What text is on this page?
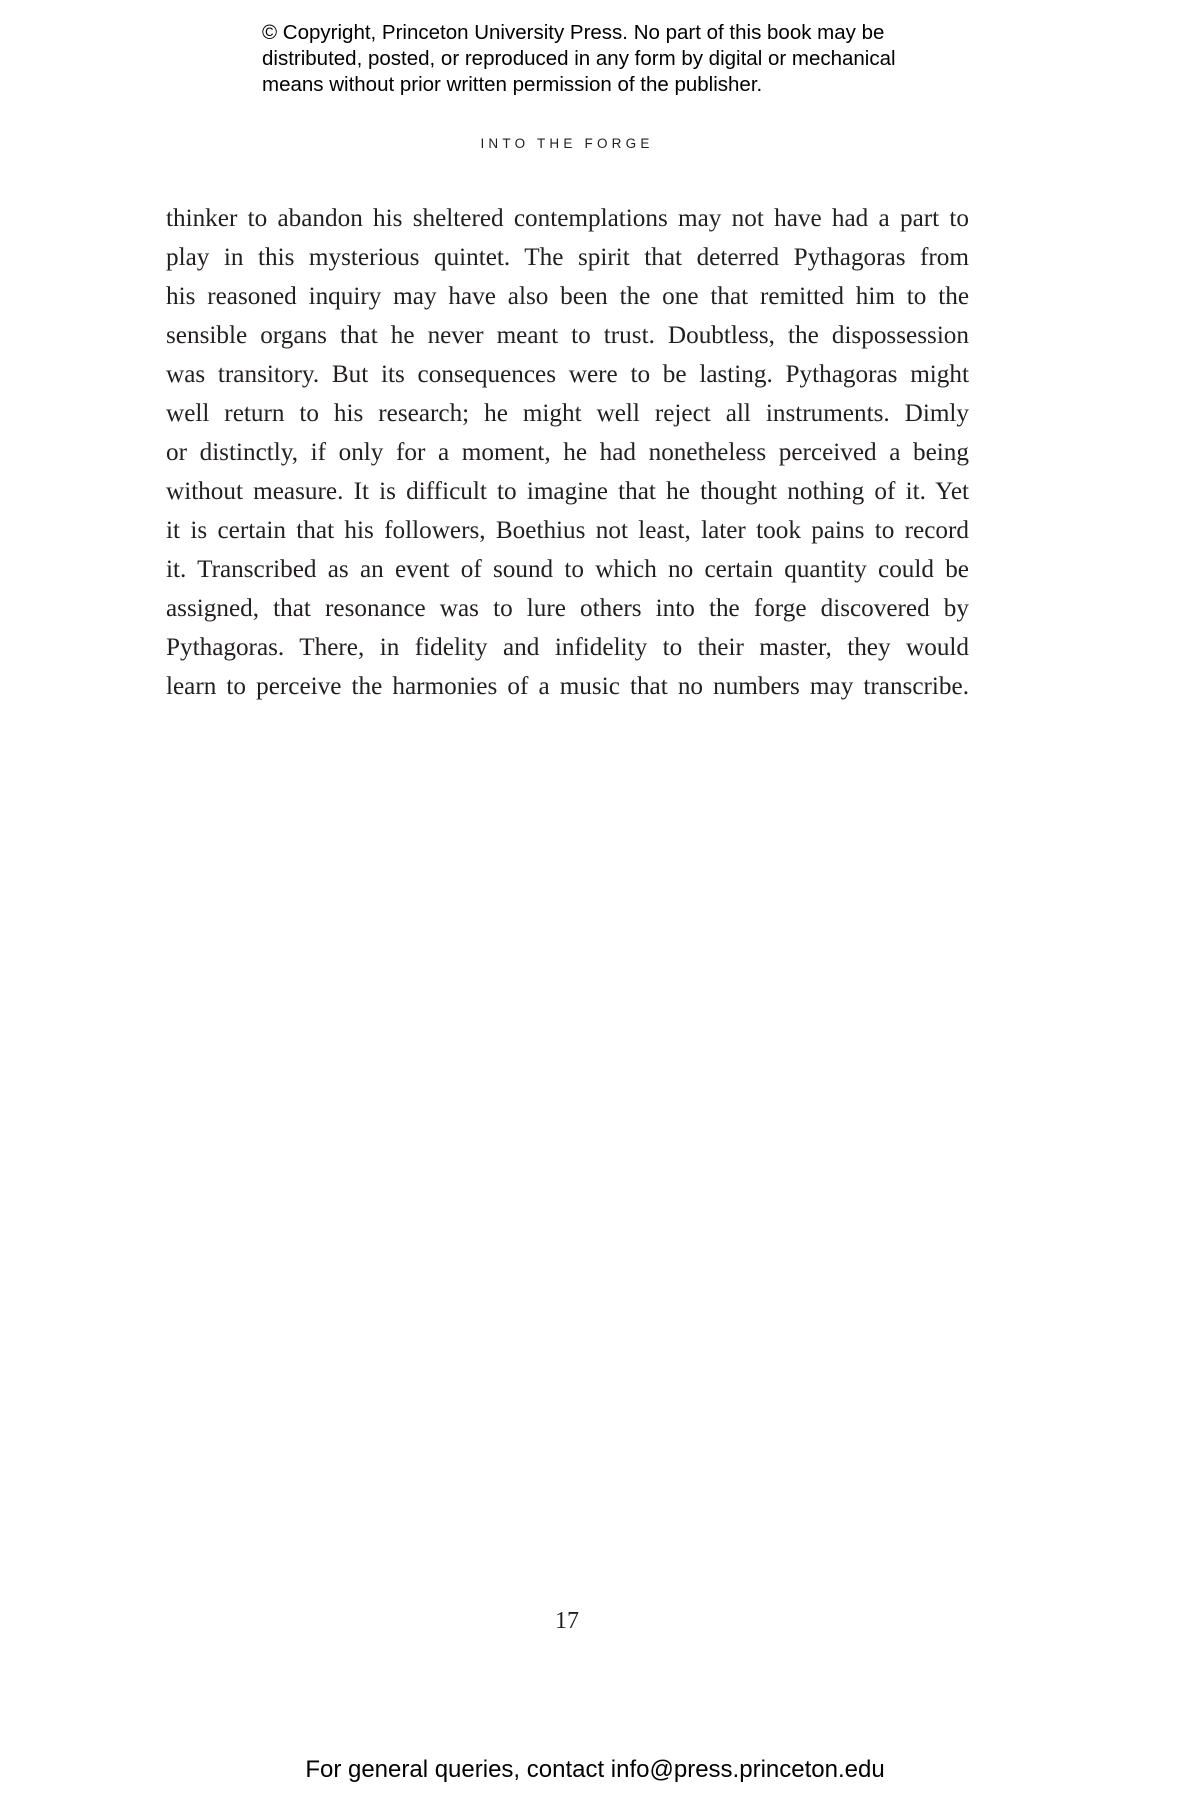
© Copyright, Princeton University Press. No part of this book may be
distributed, posted, or reproduced in any form by digital or mechanical
means without prior written permission of the publisher.
INTO THE FORGE
thinker to abandon his sheltered contemplations may not have had a part to
play in this mysterious quintet. The spirit that deterred Pythagoras from
his reasoned inquiry may have also been the one that remitted him to the
sensible organs that he never meant to trust. Doubtless, the dispossession
was transitory. But its consequences were to be lasting. Pythagoras might
well return to his research; he might well reject all instruments. Dimly
or distinctly, if only for a moment, he had nonetheless perceived a being
without measure. It is difficult to imagine that he thought nothing of it. Yet
it is certain that his followers, Boethius not least, later took pains to record
it. Transcribed as an event of sound to which no certain quantity could be
assigned, that resonance was to lure others into the forge discovered by
Pythagoras. There, in fidelity and infidelity to their master, they would
learn to perceive the harmonies of a music that no numbers may transcribe.
17
For general queries, contact info@press.princeton.edu
